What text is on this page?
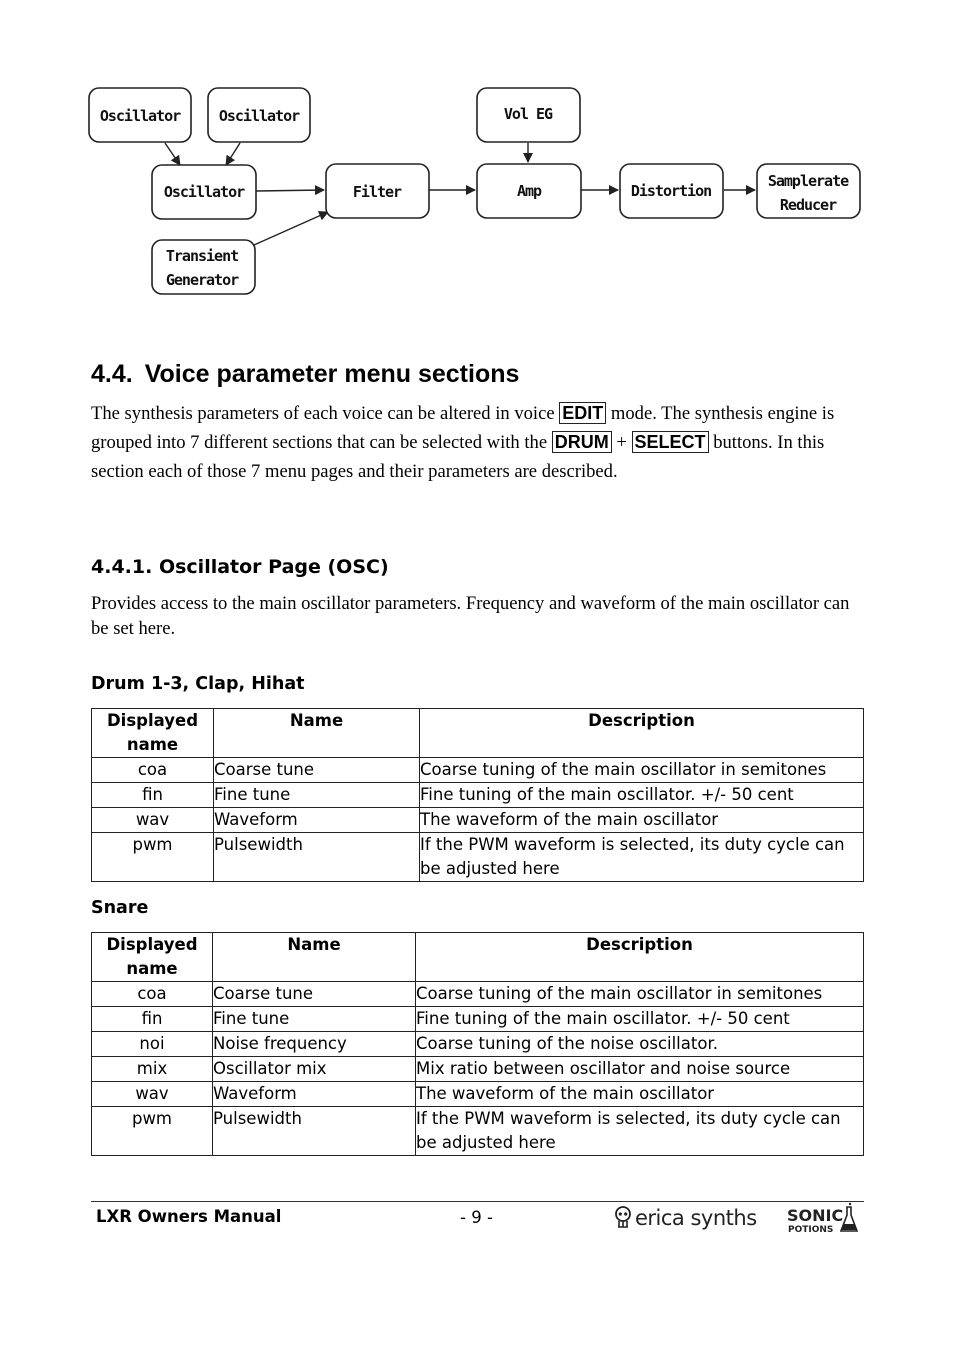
Oscillator	Oscillator
Oscillator
Transient
Generator
Filter
Vol EG
Amp	Distortion
Samplerate
Reducer
4.4. Voice parameter menu sections

The synthesis parameters of each voice can be altered in voice EDIT mode. The synthesis engine is grouped into 7 different sections that can be selected with the DRUM + SELECT buttons. In this section each of those 7 menu pages and their parameters are described.

4.4.1. Oscillator Page (OSC)

Provides access to the main oscillator parameters. Frequency and waveform of the main oscillator can be set here.

Drum 1-3, Clap, Hihat
Displayed name	Name	Description
coa	Coarse tune	Coarse tuning of the main oscillator in semitones
fin	Fine tune	Fine tuning of the main oscillator. +/- 50 cent
wav	Waveform	The waveform of the main oscillator
pwm	Pulsewidth	If the PWM waveform is selected, its duty cycle can be adjusted here
Snare
Displayed name	Name	Description
coa	Coarse tune	Coarse tuning of the main oscillator in semitones
fin	Fine tune	Fine tuning of the main oscillator. +/- 50 cent
noi	Noise frequency	Coarse tuning of the noise oscillator.
mix	Oscillator mix	Mix ratio between oscillator and noise source
wav	Waveform	The waveform of the main oscillator
pwm	Pulsewidth	If the PWM waveform is selected, its duty cycle can be adjusted here
LXR Owners Manual	- 9 -	erica synths SONIC
POTIONS
